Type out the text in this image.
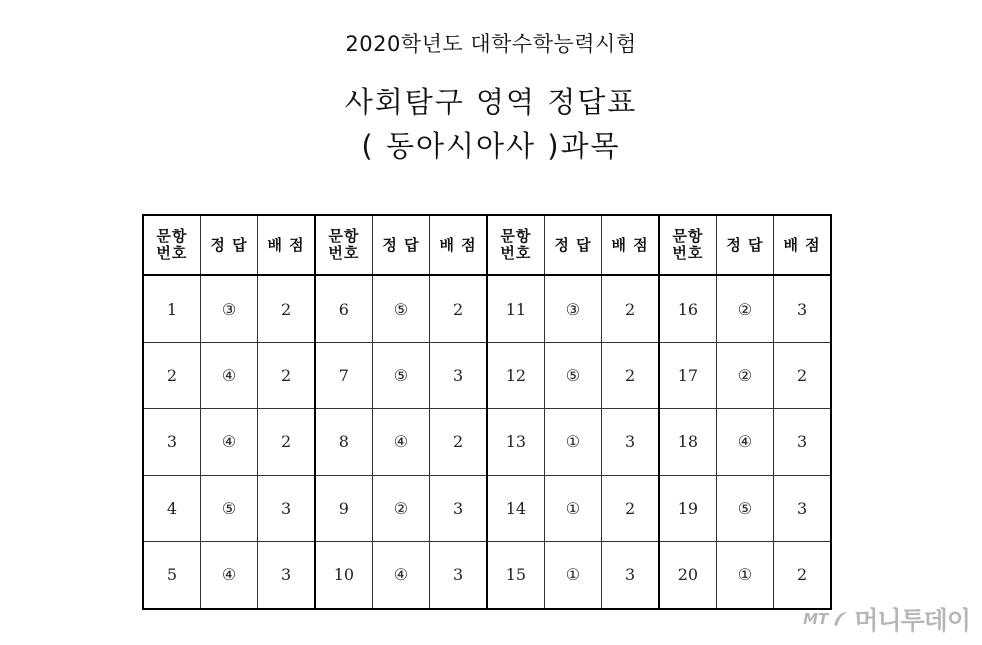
2020학년도 대학수학능력시험
사회탐구 영역 정답표
( 동아시아사 )과목
문항
번호	정 답	배 점	문항
번호	정 답	배 점	문항
번호	정 답	배 점	문항
번호	정 답	배 점
1	③	2	6	⑤	2	11	③	2	16	②	3
2	④	2	7	⑤	3	12	⑤	2	17	②	2
3	④	2	8	④	2	13	①	3	18	④	3
4	⑤	3	9	②	3	14	①	2	19	⑤	3
5	④	3	10	④	3	15	①	3	20	①	2
MT 머니투데이
